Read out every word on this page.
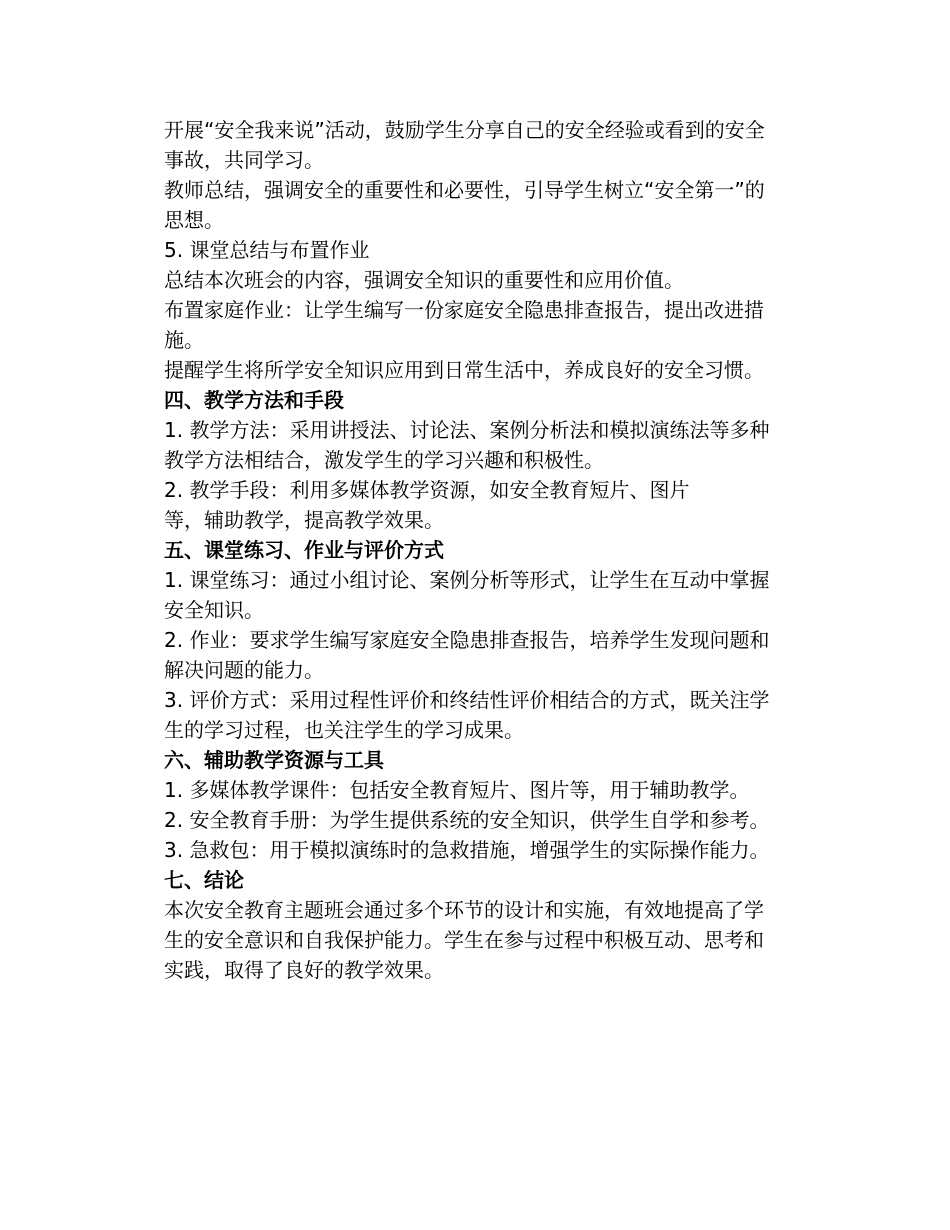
开展“安全我来说”活动，鼓励学生分享自己的安全经验或看到的安全事故，共同学习。

教师总结，强调安全的重要性和必要性，引导学生树立“安全第一”的思想。

5. 课堂总结与布置作业

总结本次班会的内容，强调安全知识的重要性和应用价值。

布置家庭作业：让学生编写一份家庭安全隐患排查报告，提出改进措施。

提醒学生将所学安全知识应用到日常生活中，养成良好的安全习惯。

四、教学方法和手段

1. 教学方法：采用讲授法、讨论法、案例分析法和模拟演练法等多种教学方法相结合，激发学生的学习兴趣和积极性。

2. 教学手段：利用多媒体教学资源，如安全教育短片、图片
等，辅助教学，提高教学效果。

五、课堂练习、作业与评价方式

1. 课堂练习：通过小组讨论、案例分析等形式，让学生在互动中掌握安全知识。

2. 作业：要求学生编写家庭安全隐患排查报告，培养学生发现问题和解决问题的能力。

3. 评价方式：采用过程性评价和终结性评价相结合的方式，既关注学生的学习过程，也关注学生的学习成果。

六、辅助教学资源与工具

1. 多媒体教学课件：包括安全教育短片、图片等，用于辅助教学。

2. 安全教育手册：为学生提供系统的安全知识，供学生自学和参考。

3. 急救包：用于模拟演练时的急救措施，增强学生的实际操作能力。

七、结论

本次安全教育主题班会通过多个环节的设计和实施，有效地提高了学生的安全意识和自我保护能力。学生在参与过程中积极互动、思考和实践，取得了良好的教学效果。
